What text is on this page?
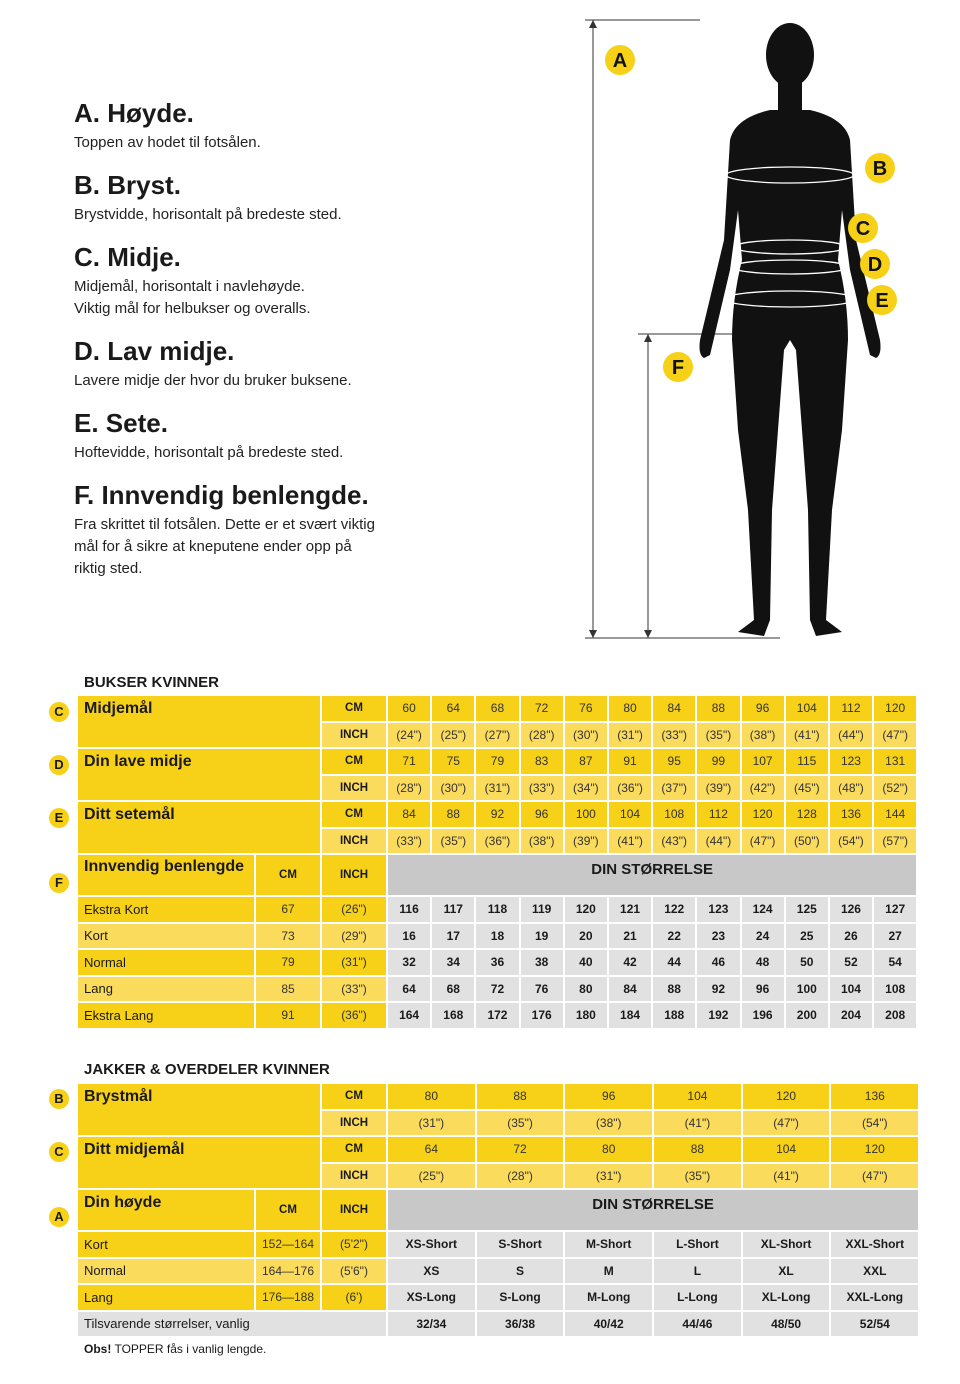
A. Høyde.

Toppen av hodet til fotsålen.

B. Bryst.

Brystvidde, horisontalt på bredeste sted.

C. Midje.

Midjemål, horisontalt i navlehøyde.
Viktig mål for helbukser og overalls.

D. Lav midje.

Lavere midje der hvor du bruker buksene.

E. Sete.

Hoftevidde, horisontalt på bredeste sted.

F. Innvendig benlengde.

Fra skrittet til fotsålen. Dette er et svært viktig
mål for å sikre at kneputene ender opp på
riktig sted.

A
B
C
D
E
F
BUKSER KVINNER
Midjemål		CM	60	64	68	72	76	80	84	88	96	104	112	120
		INCH	(24")	(25")	(27")	(28")	(30")	(31")	(33")	(35")	(38")	(41")	(44")	(47")
Din lave midje		CM	71	75	79	83	87	91	95	99	107	115	123	131
		INCH	(28")	(30")	(31")	(33")	(34")	(36")	(37")	(39")	(42")	(45")	(48")	(52")
Ditt setemål		CM	84	88	92	96	100	104	108	112	120	128	136	144
		INCH	(33")	(35")	(36")	(38")	(39")	(41")	(43")	(44")	(47")	(50")	(54")	(57")
Innvendig benlengde	CM	INCH	DIN STØRRELSE											
Ekstra Kort	67	(26")	116	117	118	119	120	121	122	123	124	125	126	127
Kort	73	(29")	16	17	18	19	20	21	22	23	24	25	26	27
Normal	79	(31")	32	34	36	38	40	42	44	46	48	50	52	54
Lang	85	(33")	64	68	72	76	80	84	88	92	96	100	104	108
Ekstra Lang	91	(36")	164	168	172	176	180	184	188	192	196	200	204	208
JAKKER & OVERDELER KVINNER
Brystmål		CM	80	88	96	104	120	136
		INCH	(31")	(35")	(38")	(41")	(47")	(54")
Ditt midjemål		CM	64	72	80	88	104	120
		INCH	(25")	(28")	(31")	(35")	(41")	(47")
Din høyde	CM	INCH	DIN STØRRELSE					
Kort	152—164	(5'2")	XS-Short	S-Short	M-Short	L-Short	XL-Short	XXL-Short
Normal	164—176	(5'6")	XS	S	M	L	XL	XXL
Lang	176—188	(6')	XS-Long	S-Long	M-Long	L-Long	XL-Long	XXL-Long
Tilsvarende størrelser, vanlig			32/34	36/38	40/42	44/46	48/50	52/54
C
D
E
F
B
C
A
Obs! TOPPER fås i vanlig lengde.
